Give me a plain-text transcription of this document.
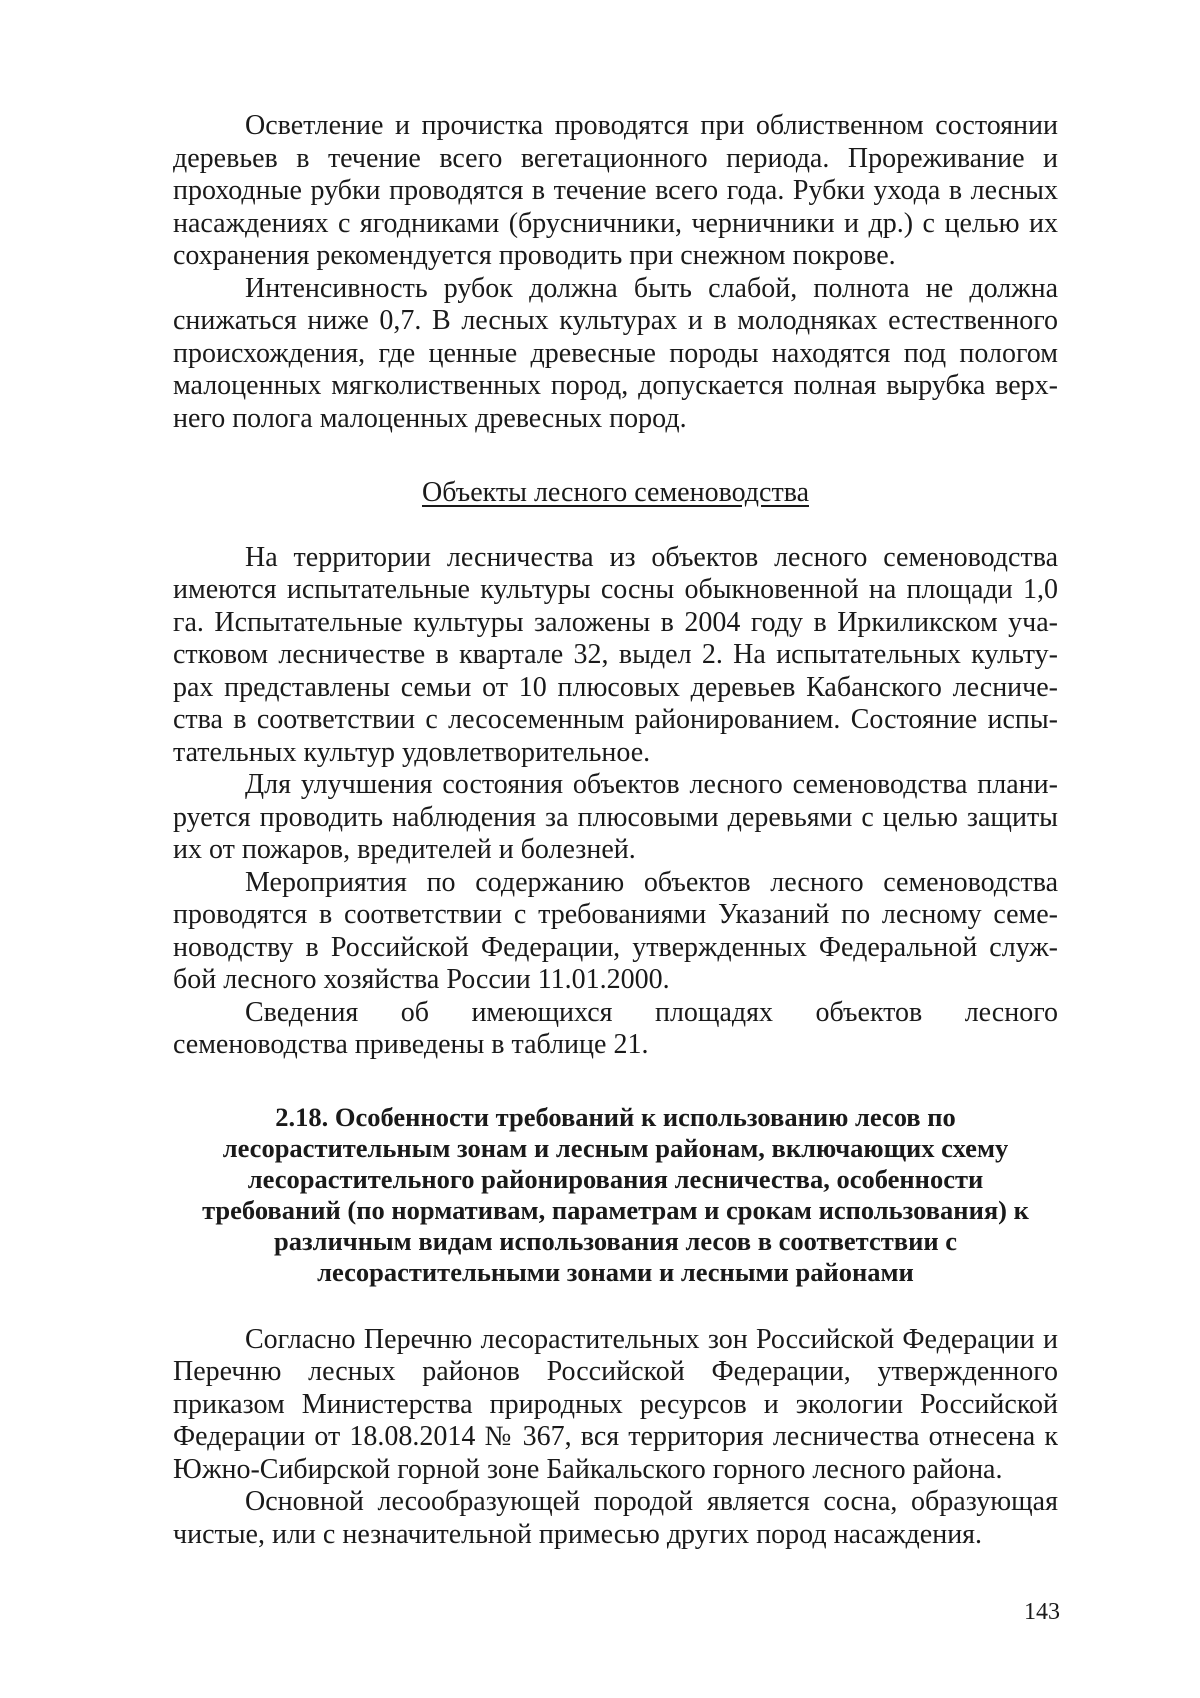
Осветление и прочистка проводятся при облиственном состоянии деревьев в течение всего вегетационного периода. Прореживание и проходные рубки проводятся в течение всего года. Рубки ухода в лесных насаждениях с ягодниками (брусничники, черничники и др.) с целью их сохранения рекомендуется проводить при снежном покрове.

Интенсивность рубок должна быть слабой, полнота не должна снижаться ниже 0,7. В лесных культурах и в молодняках естественного происхождения, где ценные древесные породы находятся под пологом малоценных мягколиственных пород, допускается полная вырубка верхнего полога малоценных древесных пород.

Объекты лесного семеноводства

На территории лесничества из объектов лесного семеноводства имеются испытательные культуры сосны обыкновенной на площади 1,0 га. Испытательные культуры заложены в 2004 году в Иркиликском участковом лесничестве в квартале 32, выдел 2. На испытательных культурах представлены семьи от 10 плюсовых деревьев Кабанского лесничества в соответствии с лесосеменным районированием. Состояние испытательных культур удовлетворительное.

Для улучшения состояния объектов лесного семеноводства планируется проводить наблюдения за плюсовыми деревьями с целью защиты их от пожаров, вредителей и болезней.

Мероприятия по содержанию объектов лесного семеноводства проводятся в соответствии с требованиями Указаний по лесному семеноводству в Российской Федерации, утвержденных Федеральной службой лесного хозяйства России 11.01.2000.

Сведения об имеющихся площадях объектов лесного семеноводства приведены в таблице 21.

2.18. Особенности требований к использованию лесов по лесорастительным зонам и лесным районам, включающих схему лесорастительного районирования лесничества, особенности требований (по нормативам, параметрам и срокам использования) к различным видам использования лесов в соответствии с лесорастительными зонами и лесными районами

Согласно Перечню лесорастительных зон Российской Федерации и Перечню лесных районов Российской Федерации, утвержденного приказом Министерства природных ресурсов и экологии Российской Федерации от 18.08.2014 № 367, вся территория лесничества отнесена к Южно-Сибирской горной зоне Байкальского горного лесного района.

Основной лесообразующей породой является сосна, образующая чистые, или с незначительной примесью других пород насаждения.

143
